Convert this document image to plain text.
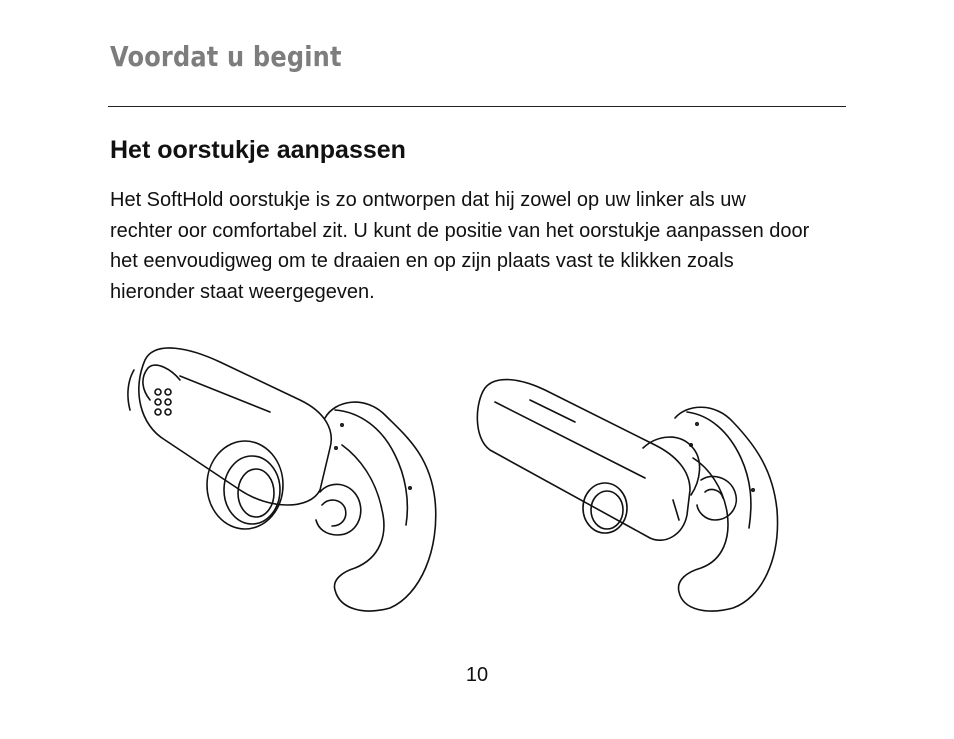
Voordat u begint
Het oorstukje aanpassen
Het SoftHold oorstukje is zo ontworpen dat hij zowel op uw linker als uw rechter oor comfortabel zit. U kunt de positie van het oorstukje aanpassen door het eenvoudigweg om te draaien en op zijn plaats vast te klikken zoals hieronder staat weergegeven.
10
